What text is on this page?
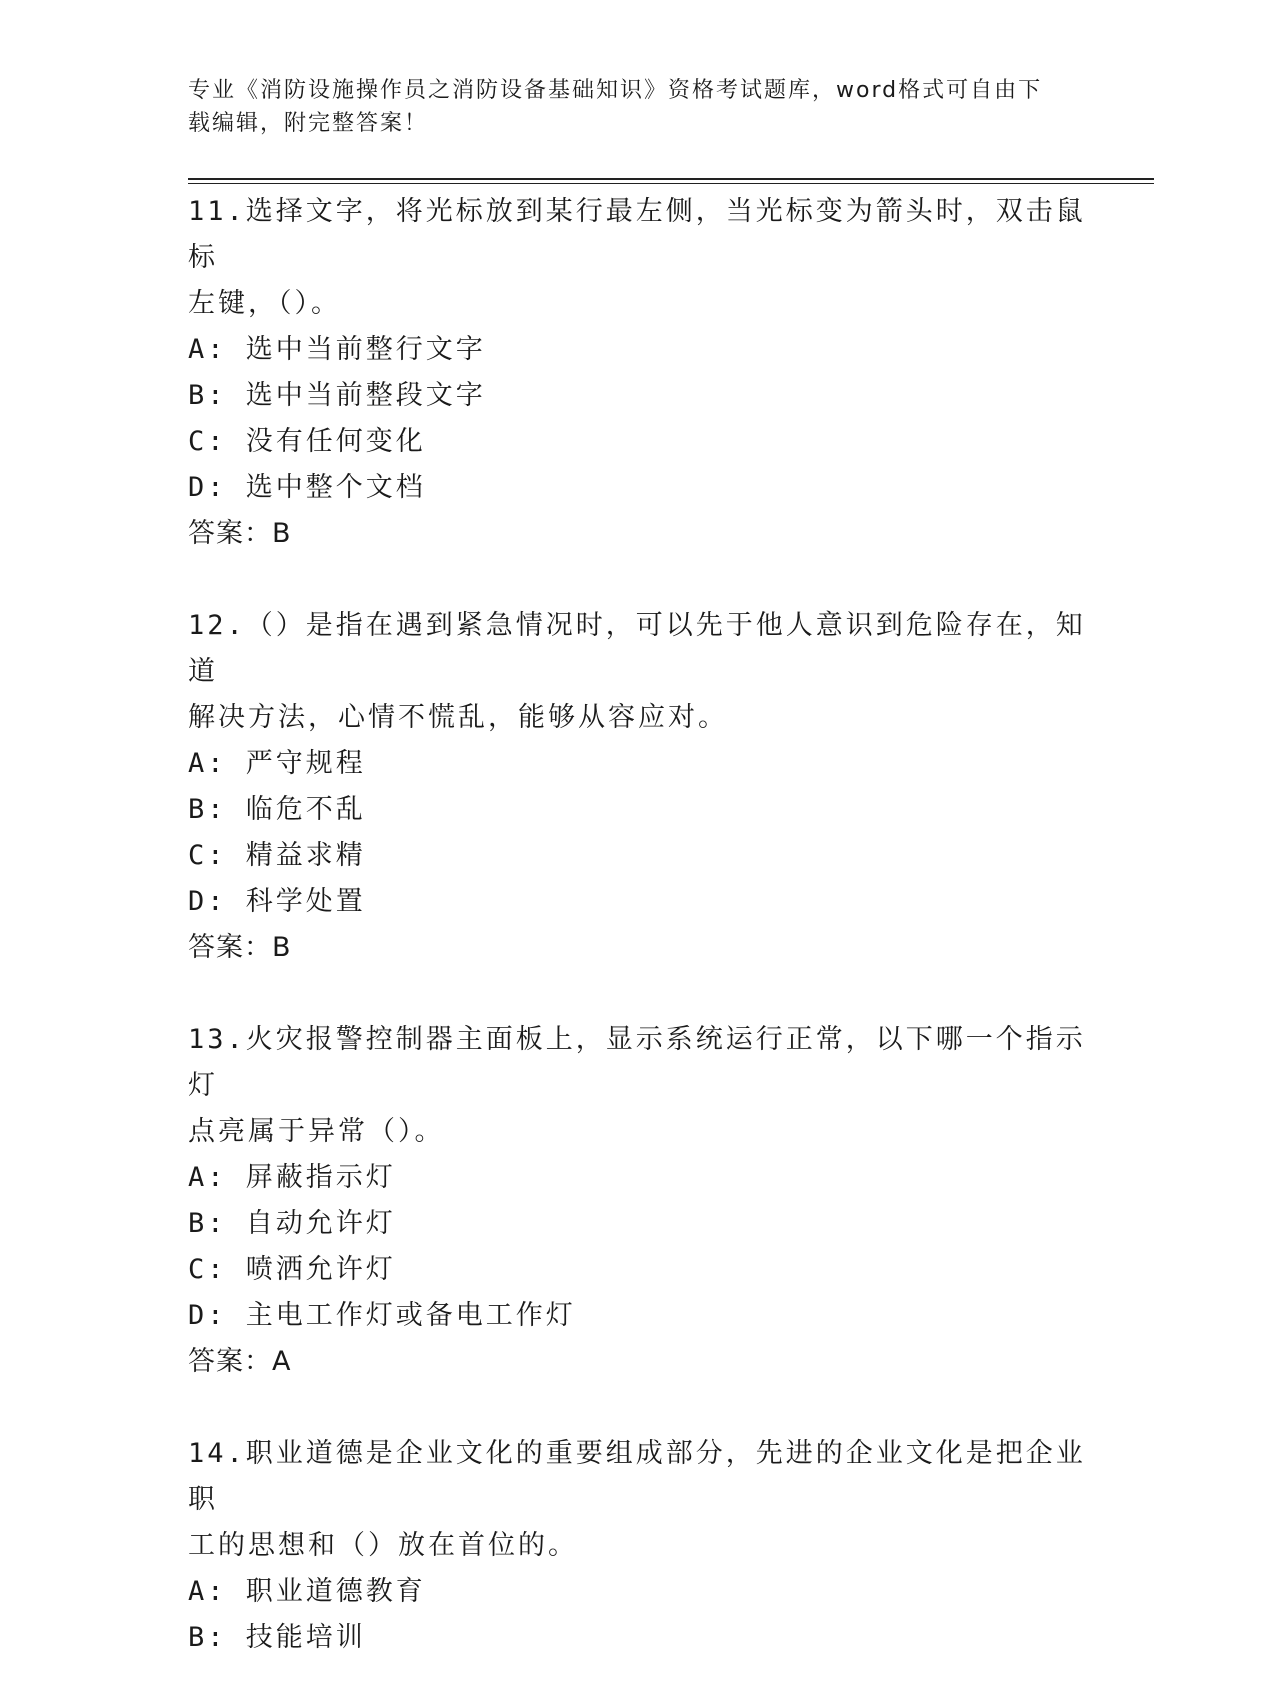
专业《消防设施操作员之消防设备基础知识》资格考试题库，word格式可自由下
载编辑，附完整答案！

11.选择文字，将光标放到某行最左侧，当光标变为箭头时，双击鼠标

左键，（）。

A: 选中当前整行文字

B: 选中当前整段文字

C: 没有任何变化

D: 选中整个文档

答案：B

12.（）是指在遇到紧急情况时，可以先于他人意识到危险存在，知道

解决方法，心情不慌乱，能够从容应对。

A: 严守规程

B: 临危不乱

C: 精益求精

D: 科学处置

答案：B

13.火灾报警控制器主面板上，显示系统运行正常，以下哪一个指示灯

点亮属于异常（）。

A: 屏蔽指示灯

B: 自动允许灯

C: 喷洒允许灯

D: 主电工作灯或备电工作灯

答案：A

14.职业道德是企业文化的重要组成部分，先进的企业文化是把企业职

工的思想和（）放在首位的。

A: 职业道德教育

B: 技能培训
